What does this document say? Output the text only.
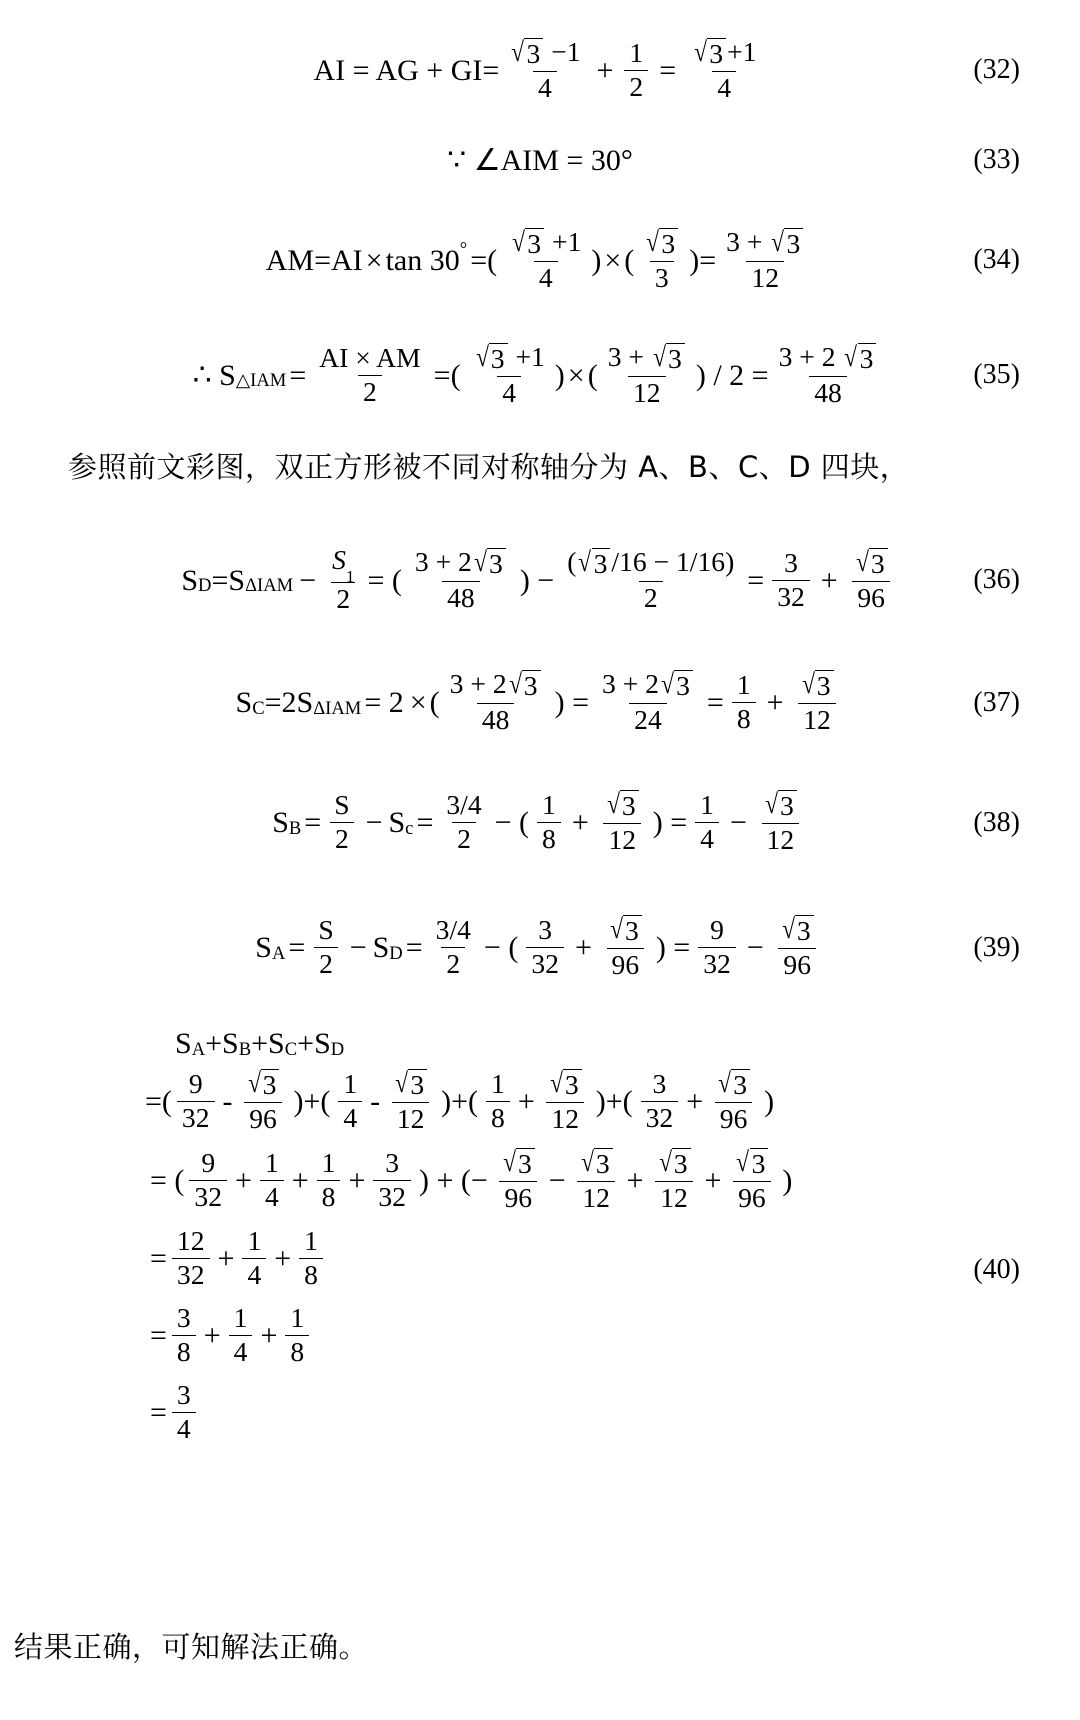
AI = AG + $GI= \frac{√ 3 -1}{4} + \frac{1}{2} = \frac{√ 3 +1}{4}$	(32)
∵ ∠AIM = 30°	(33)
AM=AI × tan 30 ° =( $\frac{√ 3 +1}{4}$ ) × ( $\frac{√ 3}{3}$ )= $\frac{3 + √ 3}{12}$	(34)
∴ S △IAM = $\frac{AI \times AM}{2}$ =( $\frac{√ 3 +1}{4}$ ) × ( $\frac{3 + √ 3}{12}$ ) / $2 = \frac{3 + 2 √ 3}{48}$	(35)
参照前文彩图，双正方形被不同对称轴分为 A、B、C、D 四块，
S D =S $\Delta IAM - \frac{S_1}{2}$ = ( $\frac{3 + 2 √ 3}{48}$ ) − $\frac{( √ 3 /16 - 1/16)}{2} = \frac{3}{32} + \frac{√ 3}{96}$	(36)
S C =2S ΔIAM = 2 × ( $\frac{3 + 2 √ 3}{48}$ ) = $\frac{3 + 2 √ 3}{24} = \frac{1}{8} + \frac{√ 3}{12}$	(37)
S $B = \frac{S}{2} - S$ $c = \frac{3/4}{2}$ − ( $\frac{1}{8} + \frac{√ 3}{12}$ ) = $\frac{1}{4} - \frac{√ 3}{12}$	(38)
S $A = \frac{S}{2} - S$ $D = \frac{3/4}{2}$ − ( $\frac{3}{32} + \frac{√ 3}{96}$ ) = $\frac{9}{32} - \frac{√ 3}{96}$	(39)
(40)
S A +S B +S C +S D
=( $\frac{9}{32} - \frac{√ 3}{96}$ )+( $\frac{1}{4} - \frac{√ 3}{12}$ )+( $\frac{1}{8} + \frac{√ 3}{12}$ )+( $\frac{3}{32} + \frac{√ 3}{96}$ )
= ( $\frac{9}{32} + \frac{1}{4} + \frac{1}{8} + \frac{3}{32}$ ) + (− $\frac{√ 3}{96} - \frac{√ 3}{12} + \frac{√ 3}{12} + \frac{√ 3}{96}$ )
= $\frac{12}{32} + \frac{1}{4} + \frac{1}{8}$
= $\frac{3}{8} + \frac{1}{4} + \frac{1}{8}$
= $\frac{3}{4}$
结果正确，可知解法正确。
